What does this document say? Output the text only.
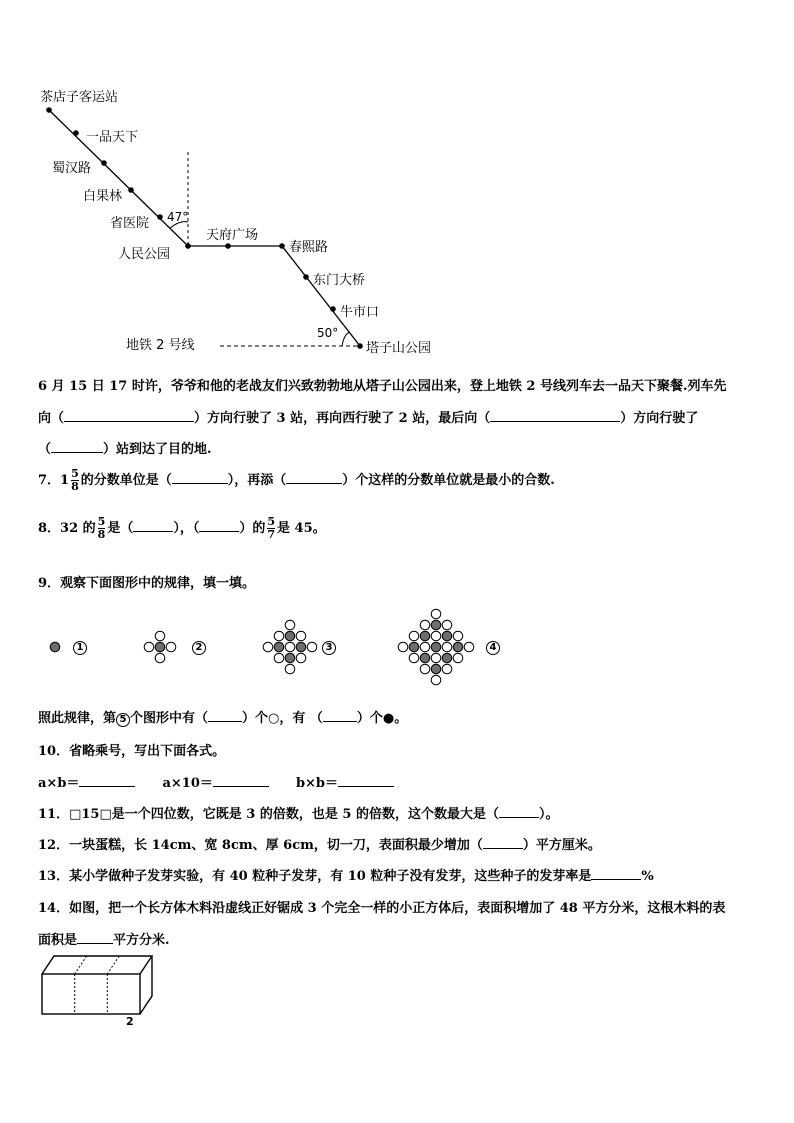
茶店子客运站
一品天下
蜀汉路
白果林
省医院
人民公园
天府广场
春熙路
东门大桥
牛市口
塔子山公园
47°
50°
地铁 2 号线
6 月 15 日 17 时许，爷爷和他的老战友们兴致勃勃地从塔子山公园出来，登上地铁 2 号线列车去一品天下聚餐.列车先
向（	）方向行驶了 3 站，再向西行驶了 2 站，最后向（	）方向行驶了
（	）站到达了目的地.
7．$1 \frac{5}{8}$ 的分数单位是（	），再添（	）个这样的分数单位就是最小的合数.
8．32 的 $\frac{5}{8}$ 是（	），（	）的 $\frac{5}{7}$ 是 45。
9．观察下面图形中的规律，填一填。
1	2	3	4
照此规律，第 5 个图形中有（	）个○，有 （	）个●。
10．省略乘号，写出下面各式。
a×b＝	a×10＝	b×b＝
11．□15□是一个四位数，它既是 3 的倍数，也是 5 的倍数，这个数最大是（	）。
12．一块蛋糕，长 14cm、宽 8cm、厚 6cm，切一刀，表面积最少增加（	）平方厘米。
13．某小学做种子发芽实验，有 40 粒种子发芽，有 10 粒种子没有发芽，这些种子的发芽率是	%
14．如图，把一个长方体木料沿虚线正好锯成 3 个完全一样的小正方体后，表面积增加了 48 平方分米，这根木料的表
面积是	平方分米.
2
